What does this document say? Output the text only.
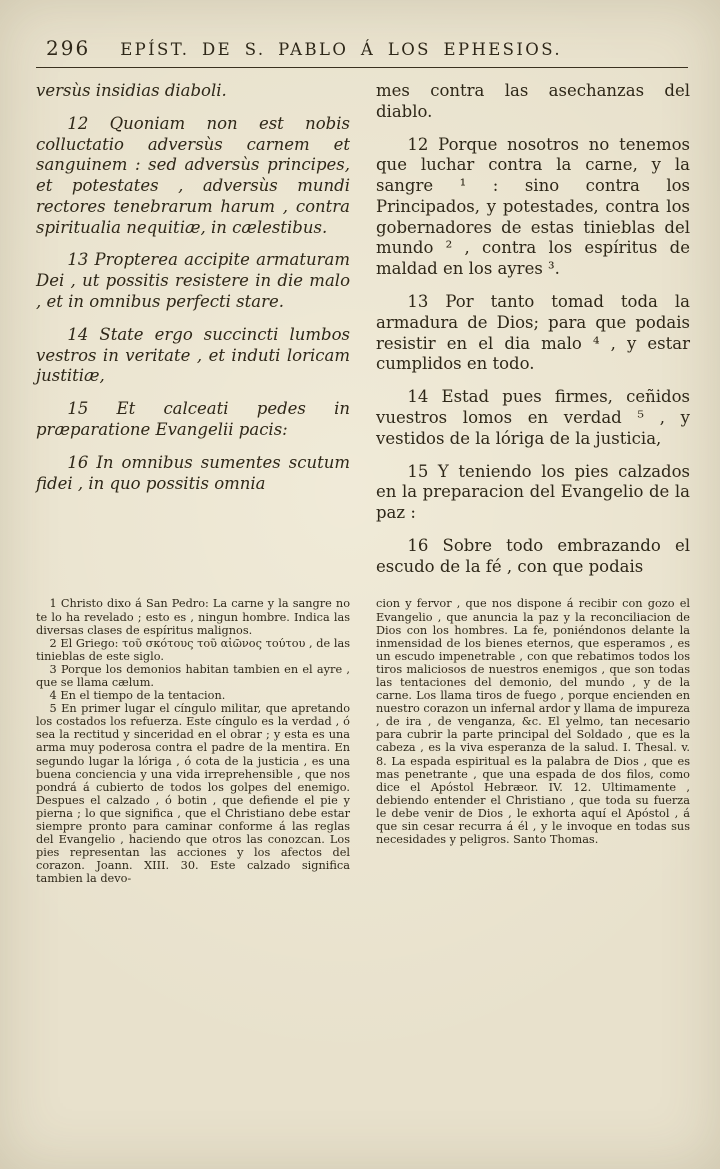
296 EPÍST. DE S. PABLO Á LOS EPHESIOS.

versùs insidias diaboli.

12 Quoniam non est nobis colluctatio adversùs carnem et sanguinem : sed adversùs principes, et potestates , adversùs mundi rectores tenebrarum harum , contra spiritualia nequitiæ, in cælestibus.

13 Propterea accipite armaturam Dei , ut possitis resistere in die malo , et in omnibus perfecti stare.

14 State ergo succincti lumbos vestros in veritate , et induti loricam justitiæ,

15 Et calceati pedes in præparatione Evangelii pacis:

16 In omnibus sumentes scutum fidei , in quo possitis omnia

mes contra las asechanzas del diablo.

12 Porque nosotros no tenemos que luchar contra la carne, y la sangre ¹ : sino contra los Principados, y potestades, contra los gobernadores de estas tinieblas del mundo ² , contra los espíritus de maldad en los ayres ³.

13 Por tanto tomad toda la armadura de Dios; para que podais resistir en el dia malo ⁴ , y estar cumplidos en todo.

14 Estad pues firmes, ceñidos vuestros lomos en verdad ⁵ , y vestidos de la lóriga de la justicia,

15 Y teniendo los pies calzados en la preparacion del Evangelio de la paz :

16 Sobre todo embrazando el escudo de la fé , con que podais

1 Christo dixo á San Pedro: La carne y la sangre no te lo ha revelado ; esto es , ningun hombre. Indica las diversas clases de espíritus malignos.

2 El Griego: τοῦ σκότους τοῦ αἰῶνος τούτου , de las tinieblas de este siglo.

3 Porque los demonios habitan tambien en el ayre , que se llama cælum.

4 En el tiempo de la tentacion.

5 En primer lugar el cíngulo militar, que apretando los costados los refuerza. Este cíngulo es la verdad , ó sea la rectitud y sinceridad en el obrar ; y esta es una arma muy poderosa contra el padre de la mentira. En segundo lugar la lóriga , ó cota de la justicia , es una buena conciencia y una vida irreprehensible , que nos pondrá á cubierto de todos los golpes del enemigo. Despues el calzado , ó botin , que defiende el pie y pierna ; lo que significa , que el Christiano debe estar siempre pronto para caminar conforme á las reglas del Evangelio , haciendo que otros las conozcan. Los pies representan las acciones y los afectos del corazon. Joann. XIII. 30. Este calzado significa tambien la devo-

cion y fervor , que nos dispone á recibir con gozo el Evangelio , que anuncia la paz y la reconciliacion de Dios con los hombres. La fe, poniéndonos delante la inmensidad de los bienes eternos, que esperamos , es un escudo impenetrable , con que rebatimos todos los tiros maliciosos de nuestros enemigos , que son todas las tentaciones del demonio, del mundo , y de la carne. Los llama tiros de fuego , porque encienden en nuestro corazon un infernal ardor y llama de impureza , de ira , de venganza, &c. El yelmo, tan necesario para cubrir la parte principal del Soldado , que es la cabeza , es la viva esperanza de la salud. I. Thesal. v. 8. La espada espiritual es la palabra de Dios , que es mas penetrante , que una espada de dos filos, como dice el Apóstol Hebræor. IV. 12. Ultimamente , debiendo entender el Christiano , que toda su fuerza le debe venir de Dios , le exhorta aquí el Apóstol , á que sin cesar recurra á él , y le invoque en todas sus necesidades y peligros. Santo Thomas.
